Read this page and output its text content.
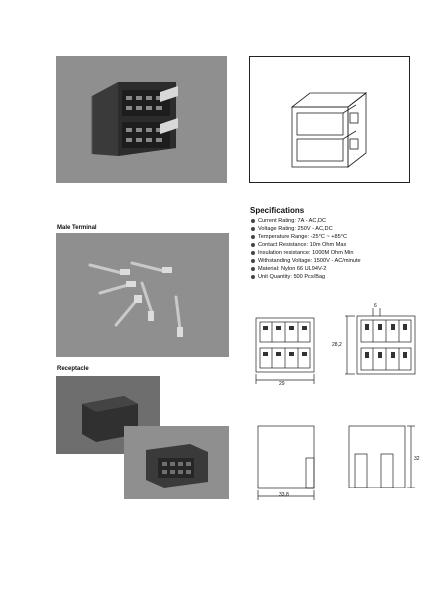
Male Terminal
Receptacle
Specifications
Current Rating: 7A - AC,DC
Voltage Rating: 250V - AC,DC
Temperature Range: -25°C ~ +85°C
Contact Resistance: 10m Ohm Max
Insulation resistance: 1000M Ohm Min
Withstanding Voltage: 1500V - AC/minute
Material: Nylon 66 UL94V-2
Unit Quantity: 500 Pcs/Bag
29
6
28,2
33,8
32
